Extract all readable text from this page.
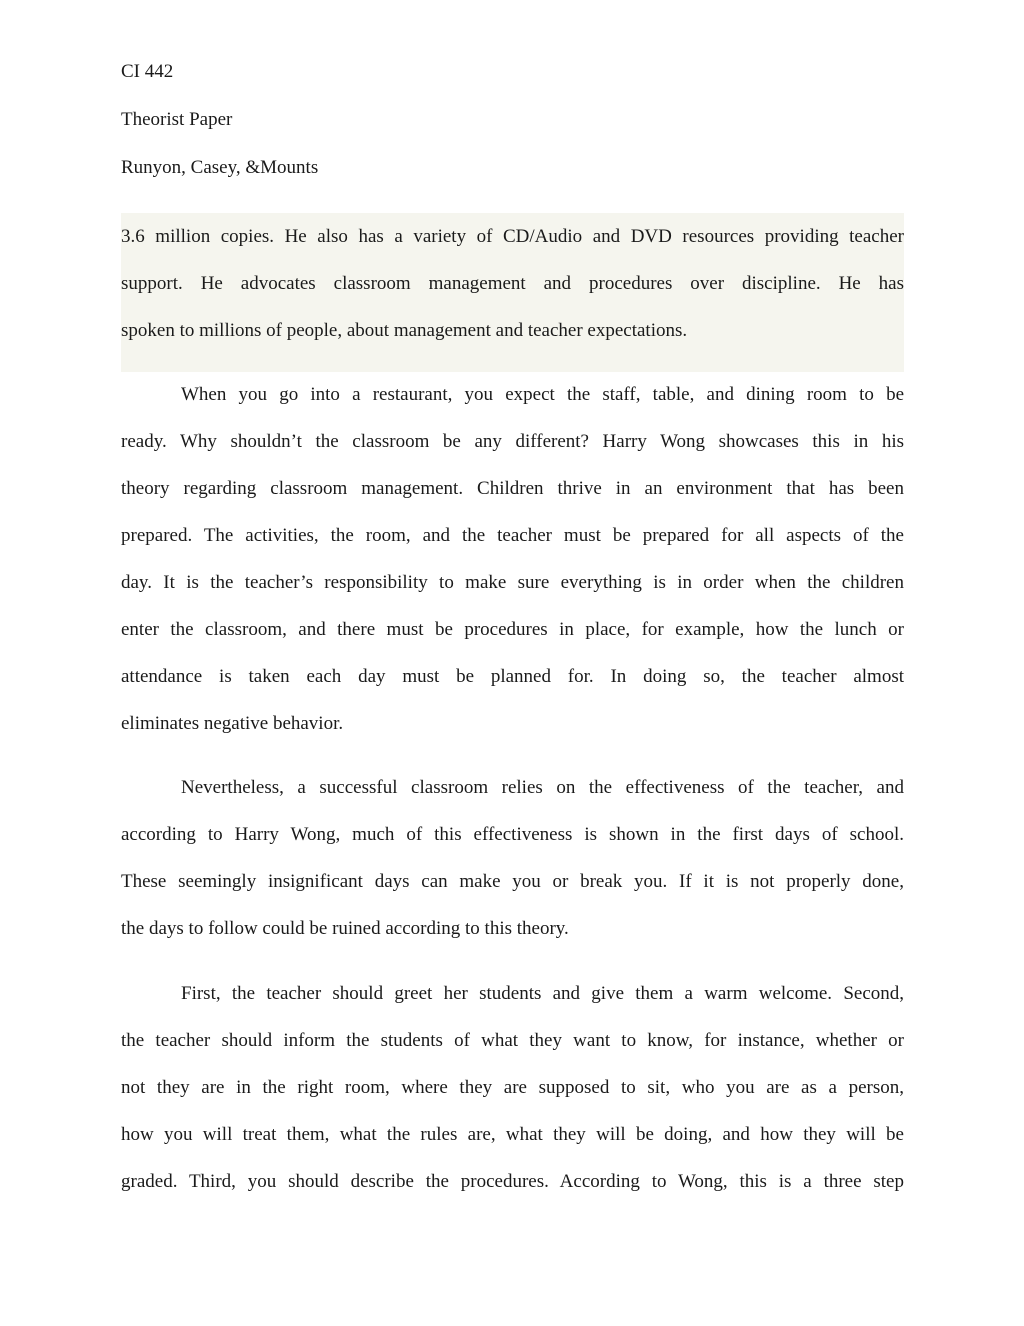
CI 442
Theorist Paper
Runyon, Casey, &Mounts
3.6 million copies. He also has a variety of CD/Audio and DVD resources providing teacher
support. He advocates classroom management and procedures over discipline. He has
spoken to millions of people, about management and teacher expectations.
When you go into a restaurant, you expect the staff, table, and dining room to be
ready. Why shouldn’t the classroom be any different? Harry Wong showcases this in his
theory regarding classroom management. Children thrive in an environment that has been
prepared. The activities, the room, and the teacher must be prepared for all aspects of the
day. It is the teacher’s responsibility to make sure everything is in order when the children
enter the classroom, and there must be procedures in place, for example, how the lunch or
attendance is taken each day must be planned for. In doing so, the teacher almost
eliminates negative behavior.
Nevertheless, a successful classroom relies on the effectiveness of the teacher, and
according to Harry Wong, much of this effectiveness is shown in the first days of school.
These seemingly insignificant days can make you or break you. If it is not properly done,
the days to follow could be ruined according to this theory.
First, the teacher should greet her students and give them a warm welcome. Second,
the teacher should inform the students of what they want to know, for instance, whether or
not they are in the right room, where they are supposed to sit, who you are as a person,
how you will treat them, what the rules are, what they will be doing, and how they will be
graded. Third, you should describe the procedures. According to Wong, this is a three step
